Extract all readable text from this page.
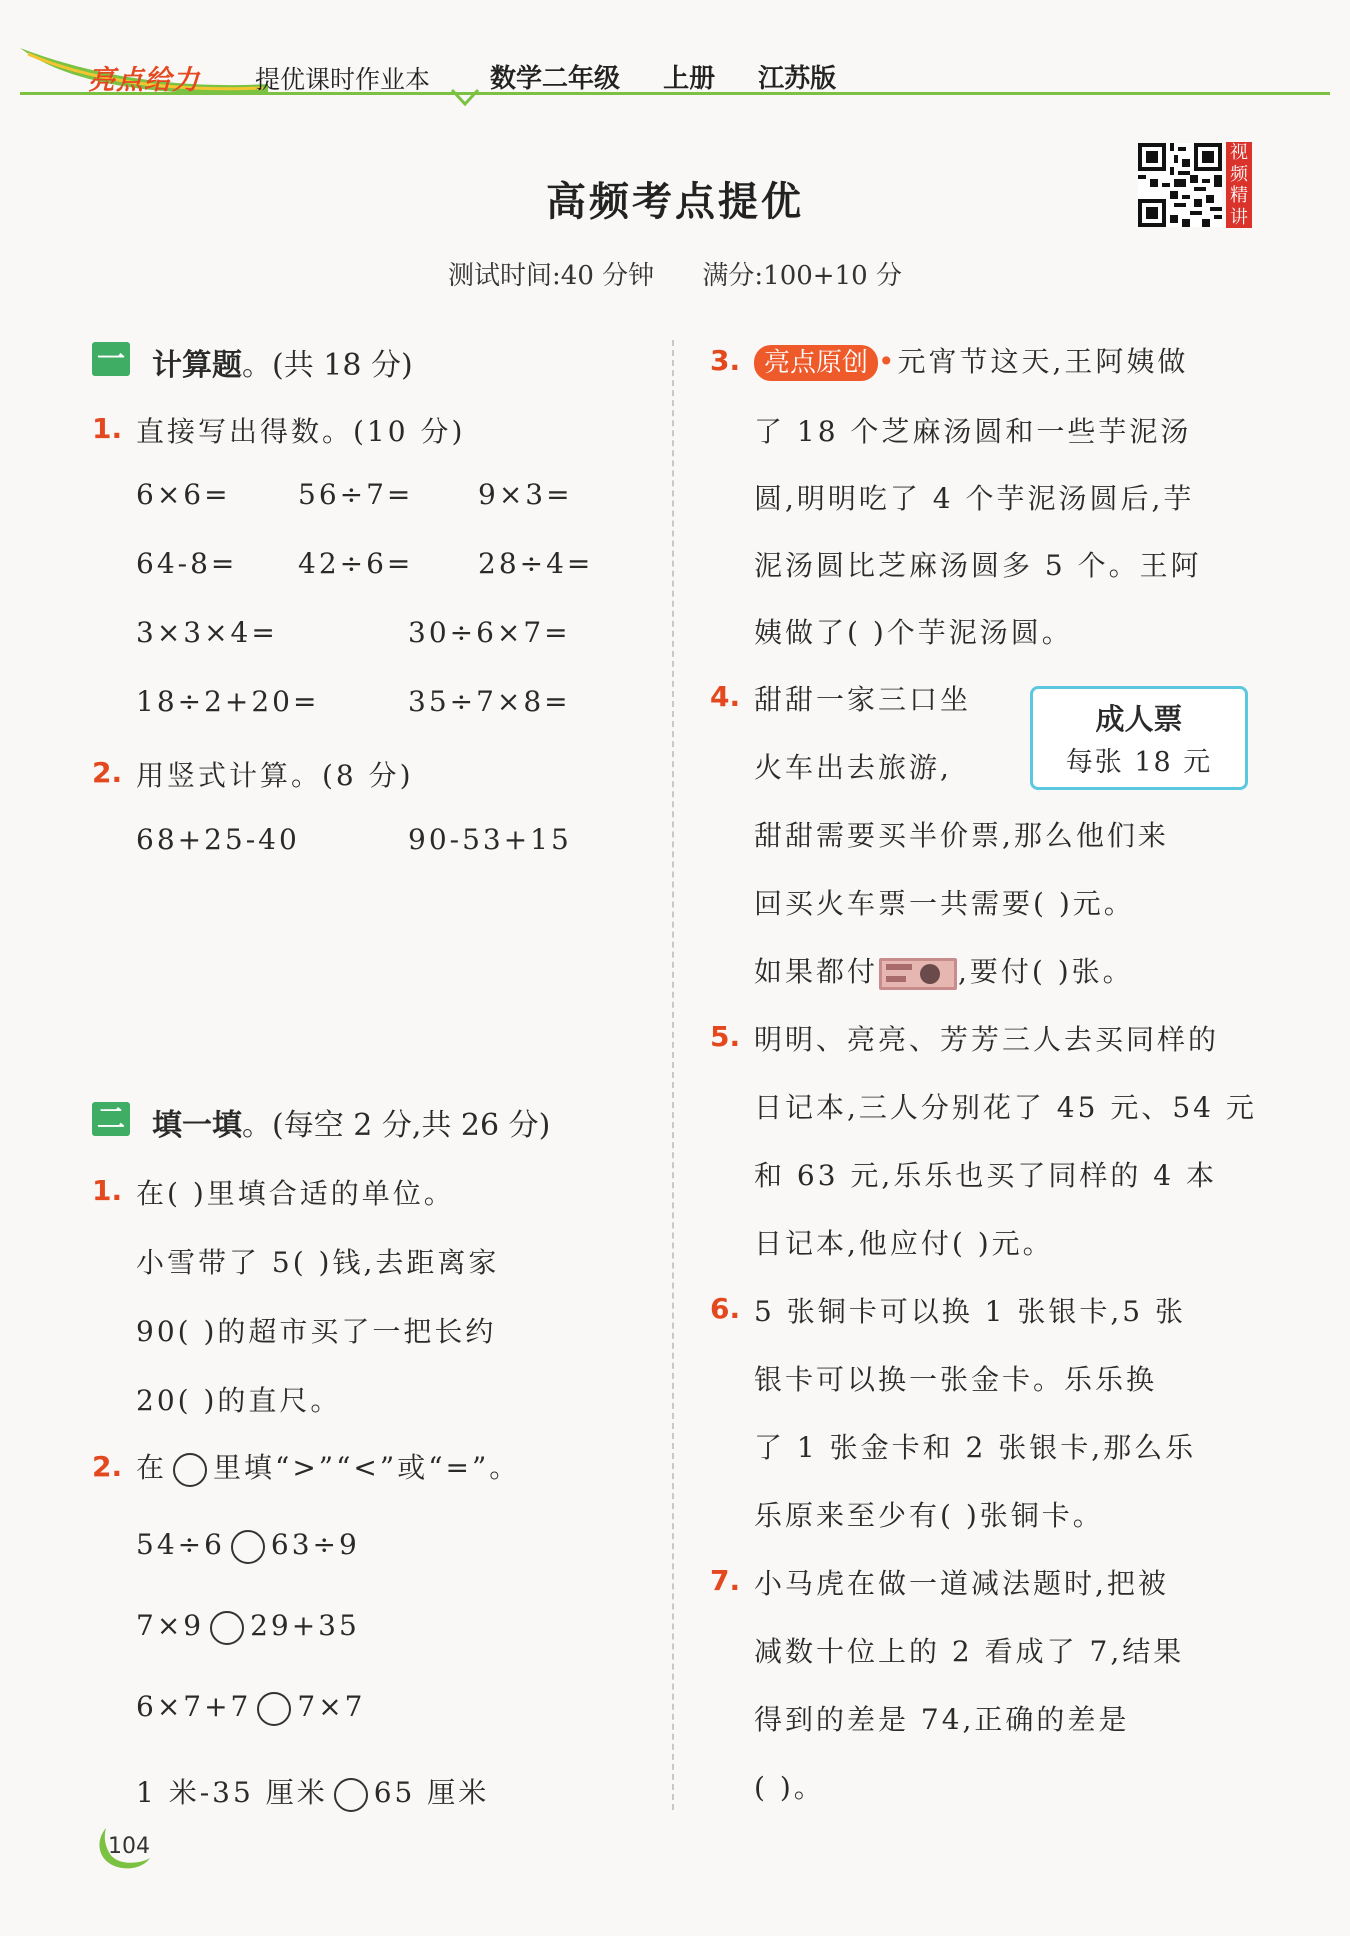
亮点给力 提优课时作业本 数学二年级 上册 江苏版
高频考点提优
测试时间:40 分钟 满分:100+10 分
视频精讲
一 计算题。(共 18 分)
1. 直接写出得数。(10 分)
6×6= 56÷7= 9×3=
64-8= 42÷6= 28÷4=
3×3×4=	30÷6×7=
18÷2+20=	35÷7×8=
2. 用竖式计算。(8 分)
68+25-40	90-53+15
二 填一填。(每空 2 分,共 26 分)
1. 在( )里填合适的单位。
小雪带了 5( )钱,去距离家
90( )的超市买了一把长约
20( )的直尺。
2. 在 里填“>”“<”或“=”。
54÷6 63÷9
7×9 29+35
6×7+7 7×7
1 米-35 厘米 65 厘米
3. 亮点原创 •元宵节这天,王阿姨做
了 18 个芝麻汤圆和一些芋泥汤
圆,明明吃了 4 个芋泥汤圆后,芋
泥汤圆比芝麻汤圆多 5 个。王阿
姨做了( )个芋泥汤圆。
4. 甜甜一家三口坐
火车出去旅游,
成人票
每张 18 元
甜甜需要买半价票,那么他们来
回买火车票一共需要( )元。
如果都付	,要付( )张。
5. 明明、亮亮、芳芳三人去买同样的
日记本,三人分别花了 45 元、54 元
和 63 元,乐乐也买了同样的 4 本
日记本,他应付( )元。
6. 5 张铜卡可以换 1 张银卡,5 张
银卡可以换一张金卡。乐乐换
了 1 张金卡和 2 张银卡,那么乐
乐原来至少有( )张铜卡。
7. 小马虎在做一道减法题时,把被
减数十位上的 2 看成了 7,结果
得到的差是 74,正确的差是
( )。
104
